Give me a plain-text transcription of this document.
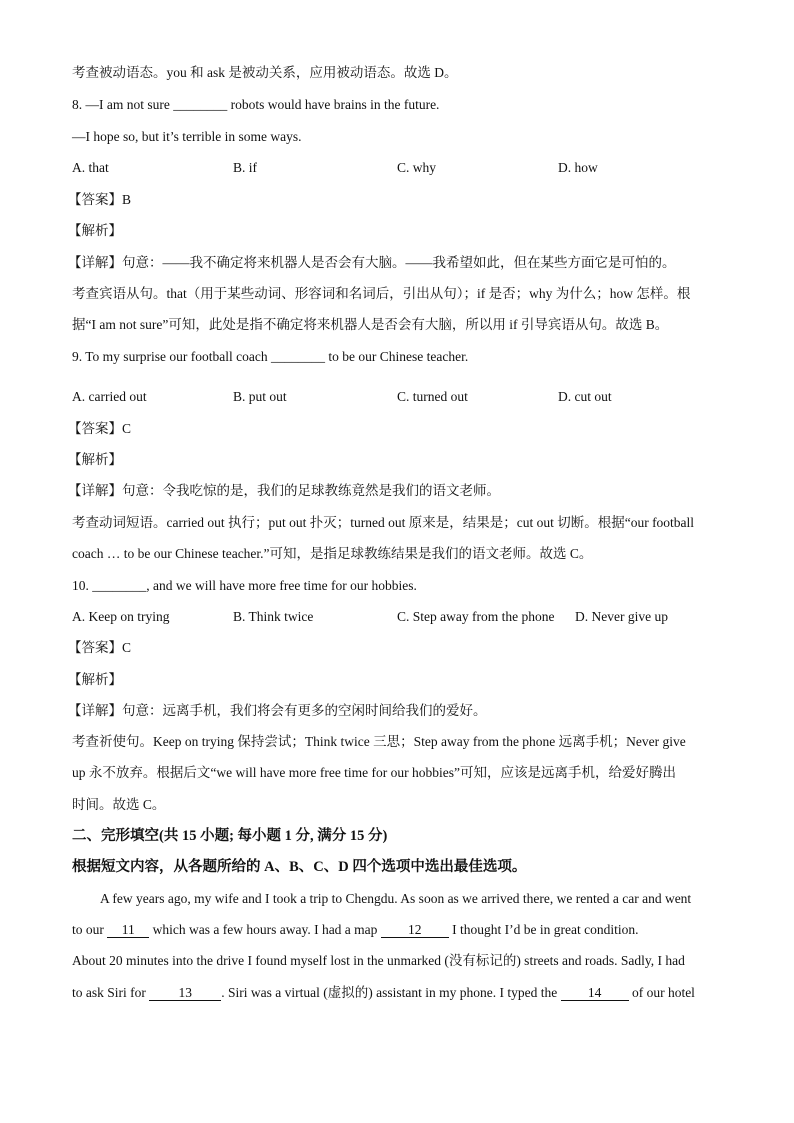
考查被动语态。you 和 ask 是被动关系，应用被动语态。故选 D。
8. —I am not sure ________ robots would have brains in the future.
—I hope so, but it’s terrible in some ways.
A. that	B. if	C. why	D. how
【答案】B
【解析】
【详解】句意：——我不确定将来机器人是否会有大脑。——我希望如此，但在某些方面它是可怕的。
考查宾语从句。that（用于某些动词、形容词和名词后，引出从句）；if 是否；why 为什么；how 怎样。根
据“I am not sure”可知，此处是指不确定将来机器人是否会有大脑，所以用 if 引导宾语从句。故选 B。
9. To my surprise our football coach ________ to be our Chinese teacher.
A. carried out	B. put out	C. turned out	D. cut out
【答案】C
【解析】
【详解】句意：令我吃惊的是，我们的足球教练竟然是我们的语文老师。
考查动词短语。carried out 执行；put out 扑灭；turned out 原来是，结果是；cut out 切断。根据“our football
coach … to be our Chinese teacher.”可知，是指足球教练结果是我们的语文老师。故选 C。
10. ________, and we will have more free time for our hobbies.
A. Keep on trying	B. Think twice	C. Step away from the phone D. Never give up
【答案】C
【解析】
【详解】句意：远离手机，我们将会有更多的空闲时间给我们的爱好。
考查祈使句。Keep on trying 保持尝试；Think twice 三思；Step away from the phone 远离手机；Never give
up 永不放弃。根据后文“we will have more free time for our hobbies”可知，应该是远离手机，给爱好腾出
时间。故选 C。
二、完形填空(共 15 小题; 每小题 1 分, 满分 15 分)
根据短文内容，从各题所给的 A、B、C、D 四个选项中选出最佳选项。
A few years ago, my wife and I took a trip to Chengdu. As soon as we arrived there, we rented a car and went
to our 11 which was a few hours away. I had a map 12 I thought I’d be in great condition.
About 20 minutes into the drive I found myself lost in the unmarked (没有标记的) streets and roads. Sadly, I had
to ask Siri for 13 . Siri was a virtual (虚拟的) assistant in my phone. I typed the 14 of our hotel
